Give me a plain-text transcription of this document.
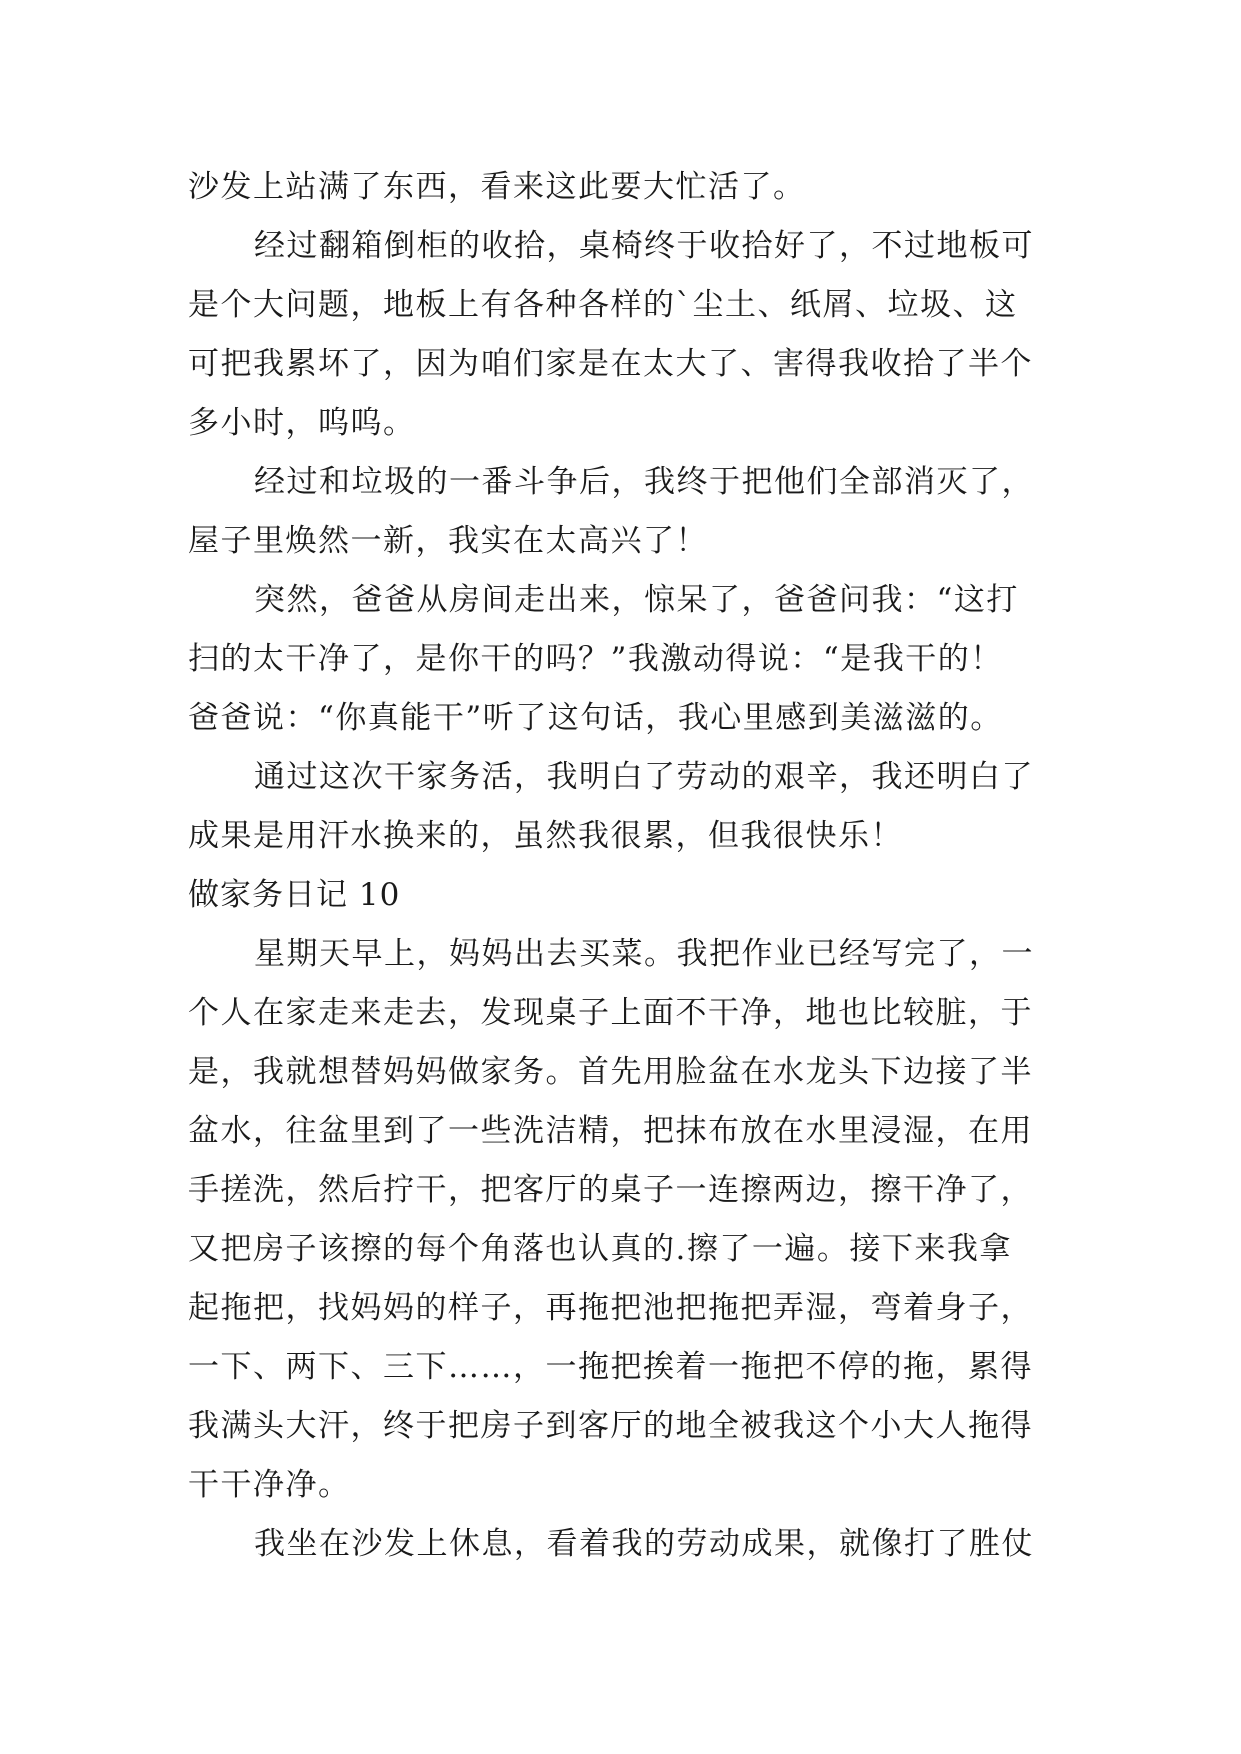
沙发上站满了东西，看来这此要大忙活了。
经过翻箱倒柜的收拾，桌椅终于收拾好了，不过地板可
是个大问题，地板上有各种各样的`尘土、纸屑、垃圾、这
可把我累坏了，因为咱们家是在太大了、害得我收拾了半个
多小时，呜呜。
经过和垃圾的一番斗争后，我终于把他们全部消灭了，
屋子里焕然一新，我实在太高兴了！
突然，爸爸从房间走出来，惊呆了，爸爸问我：“这打
扫的太干净了，是你干的吗？”我激动得说：“是我干的！
爸爸说：“你真能干”听了这句话，我心里感到美滋滋的。
通过这次干家务活，我明白了劳动的艰辛，我还明白了
成果是用汗水换来的，虽然我很累，但我很快乐！
做家务日记 10
星期天早上，妈妈出去买菜。我把作业已经写完了，一
个人在家走来走去，发现桌子上面不干净，地也比较脏，于
是，我就想替妈妈做家务。首先用脸盆在水龙头下边接了半
盆水，往盆里到了一些洗洁精，把抹布放在水里浸湿，在用
手搓洗，然后拧干，把客厅的桌子一连擦两边，擦干净了，
又把房子该擦的每个角落也认真的.擦了一遍。接下来我拿
起拖把，找妈妈的样子，再拖把池把拖把弄湿，弯着身子，
一下、两下、三下……，一拖把挨着一拖把不停的拖，累得
我满头大汗，终于把房子到客厅的地全被我这个小大人拖得
干干净净。
我坐在沙发上休息，看着我的劳动成果，就像打了胜仗
